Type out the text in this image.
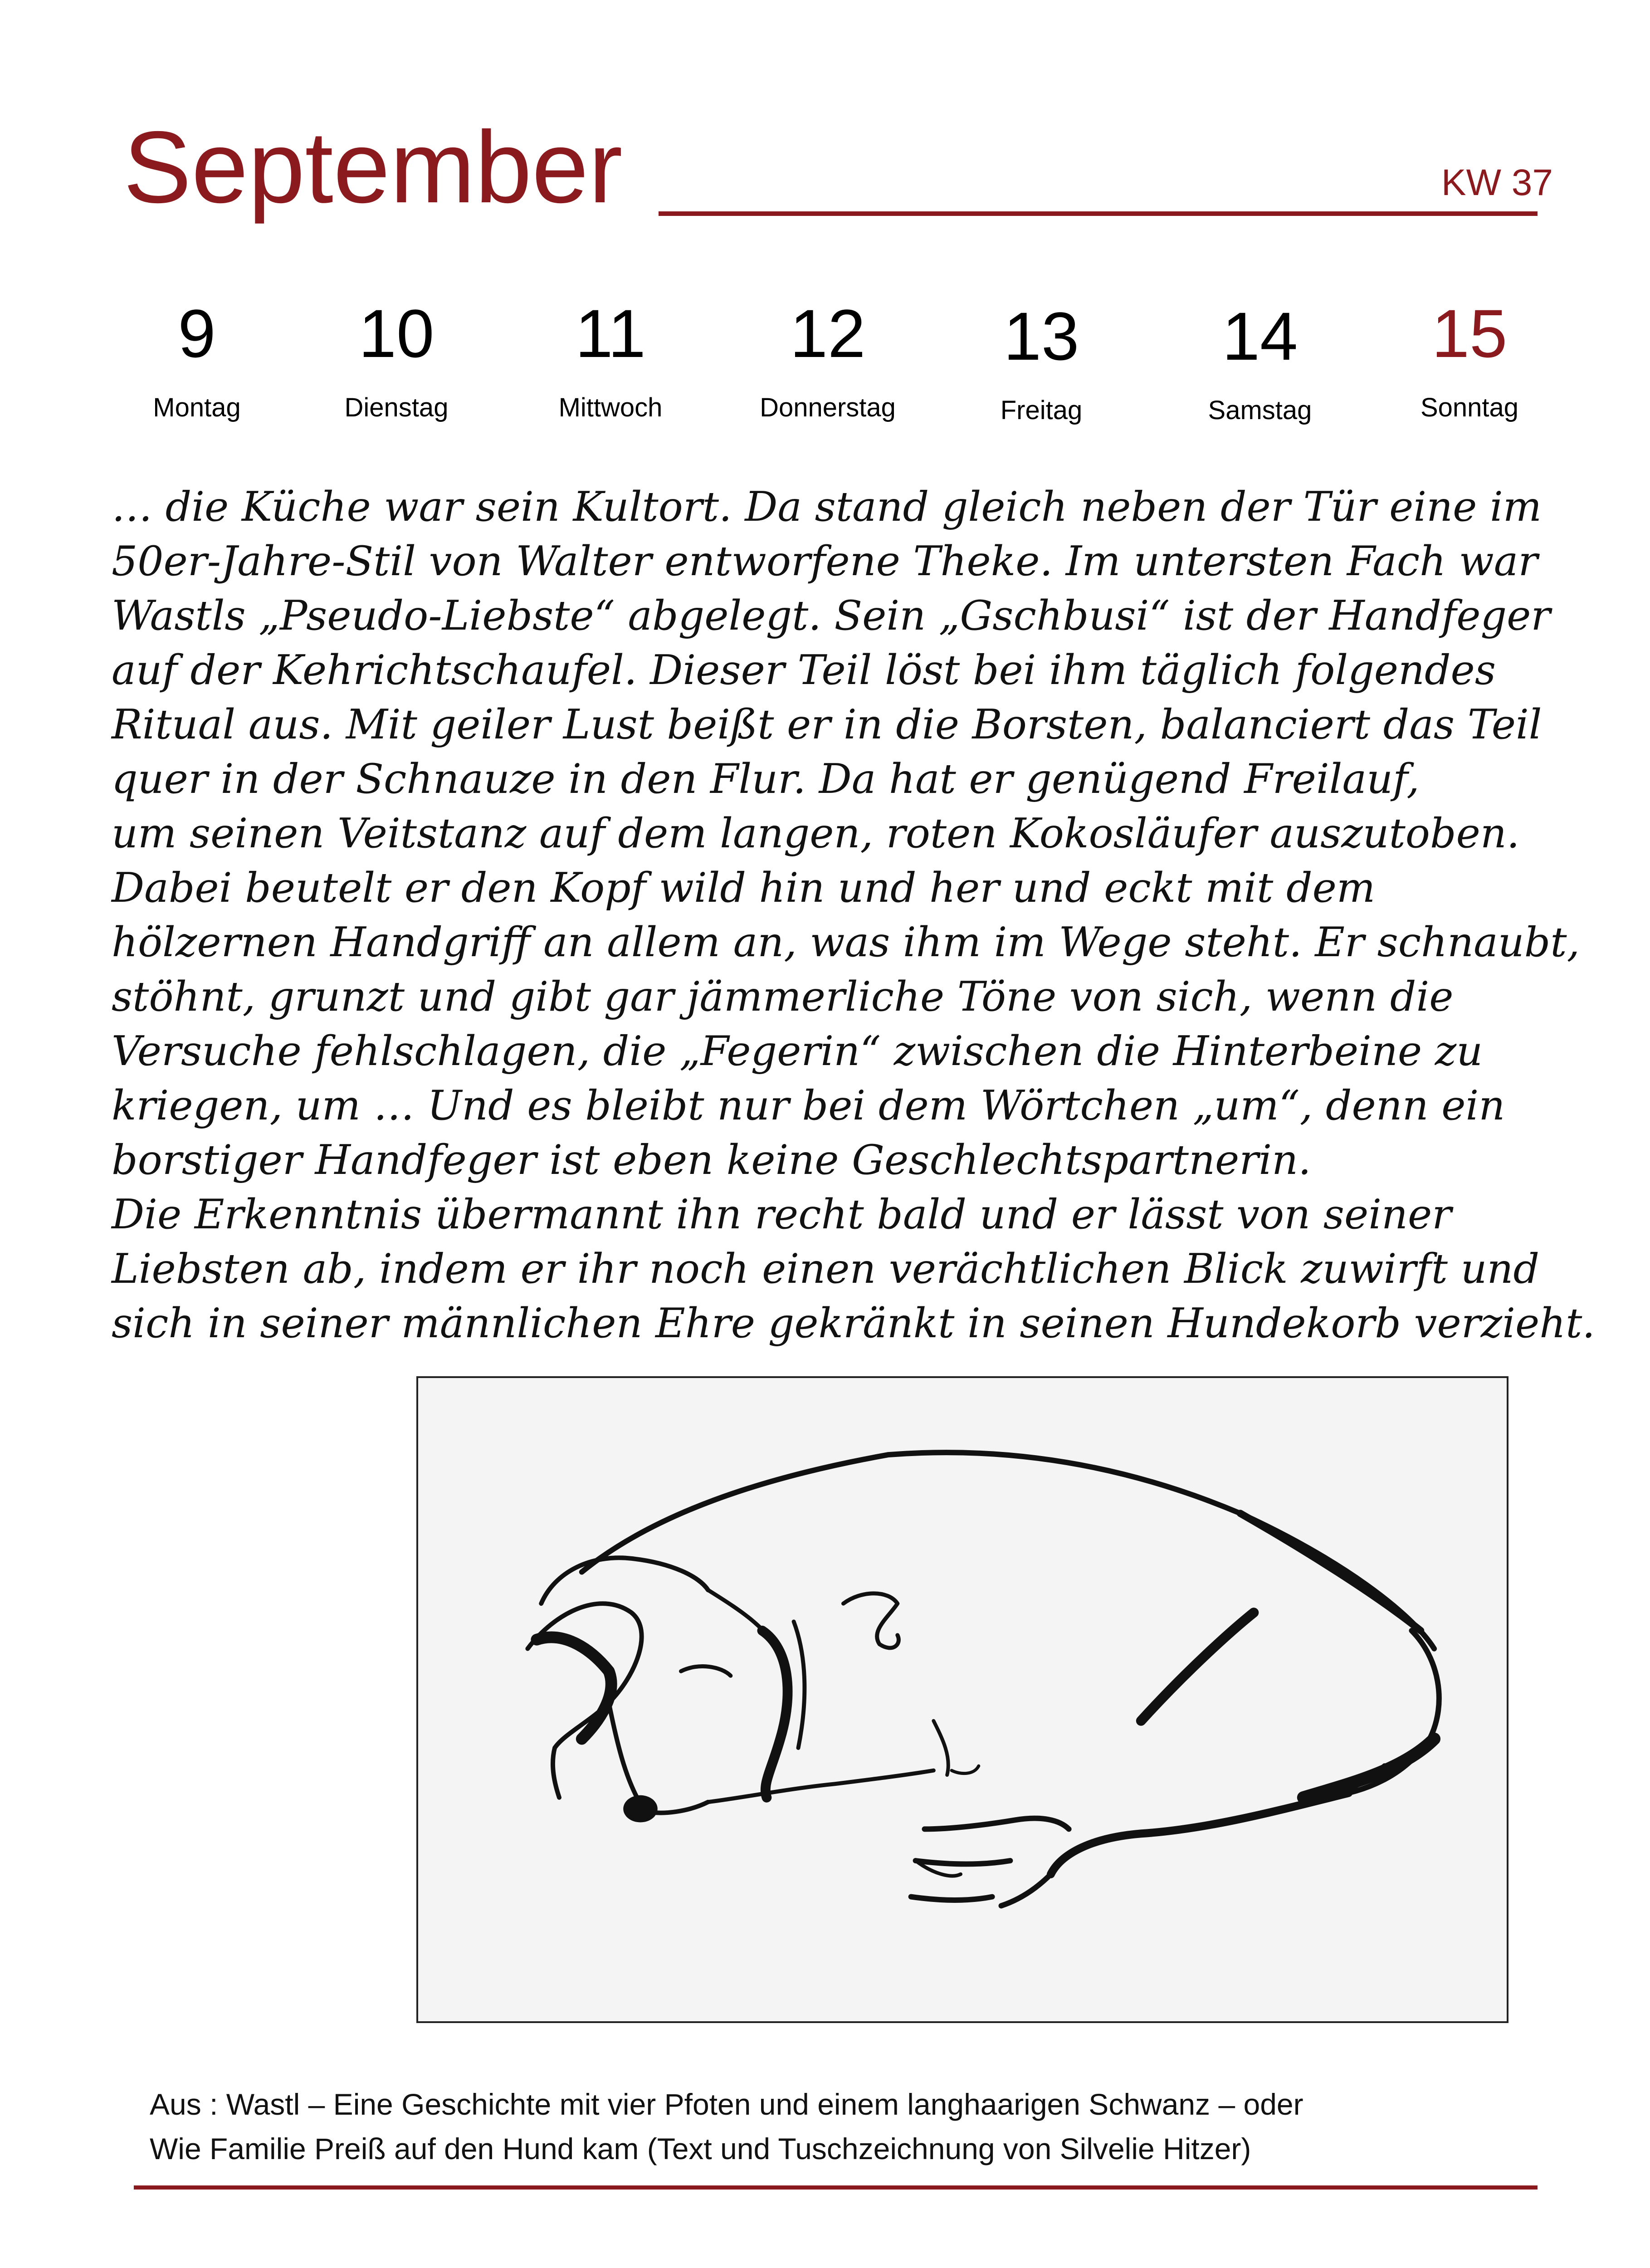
September	KW 37
9
Montag
10
Dienstag
11
Mittwoch
12
Donnerstag
13
Freitag
14
Samstag
15
Sonntag
… die Küche war sein Kultort. Da stand gleich neben der Tür eine im
50er-Jahre-Stil von Walter entworfene Theke. Im untersten Fach war
Wastls „Pseudo-Liebste“ abgelegt. Sein „Gschbusi“ ist der Handfeger
auf der Kehrichtschaufel. Dieser Teil löst bei ihm täglich folgendes
Ritual aus. Mit geiler Lust beißt er in die Borsten, balanciert das Teil
quer in der Schnauze in den Flur. Da hat er genügend Freilauf,
um seinen Veitstanz auf dem langen, roten Kokosläufer auszutoben.
Dabei beutelt er den Kopf wild hin und her und eckt mit dem
hölzernen Handgriff an allem an, was ihm im Wege steht. Er schnaubt,
stöhnt, grunzt und gibt gar jämmerliche Töne von sich, wenn die
Versuche fehlschlagen, die „Fegerin“ zwischen die Hinterbeine zu
kriegen, um … Und es bleibt nur bei dem Wörtchen „um“, denn ein
borstiger Handfeger ist eben keine Geschlechtspartnerin.
Die Erkenntnis übermannt ihn recht bald und er lässt von seiner
Liebsten ab, indem er ihr noch einen verächtlichen Blick zuwirft und
sich in seiner männlichen Ehre gekränkt in seinen Hundekorb verzieht.
Aus : Wastl – Eine Geschichte mit vier Pfoten und einem langhaarigen Schwanz – oder
Wie Familie Preiß auf den Hund kam (Text und Tuschzeichnung von Silvelie Hitzer)
